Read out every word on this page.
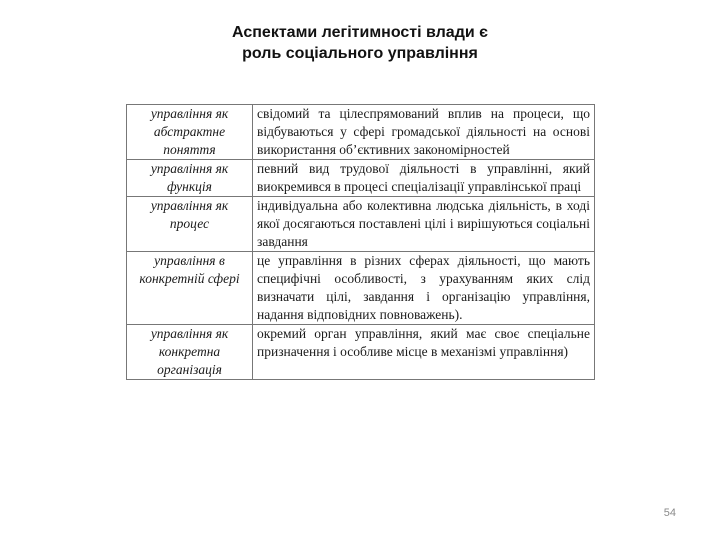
Аспектами легітимності влади є
роль соціального управління
управління як абстрактне поняття	свідомий та цілеспрямований вплив на процеси, що відбуваються у сфері громадської діяльності на основі використання об’єктивних закономірностей
управління як функція	певний вид трудової діяльності в управлінні, який виокремився в процесі спеціалізації управлінської праці
управління як процес	індивідуальна або колективна людська діяльність, в ході якої досягаються поставлені цілі і вирішуються соціальні завдання
управління в конкретній сфері	це управління в різних сферах діяльності, що мають специфічні особливості, з урахуванням яких слід визначати цілі, завдання і організацію управління, надання відповідних повноважень).
управління як конкретна організація	окремий орган управління, який має своє спеціальне призначення і особливе місце в механізмі управління)
54
